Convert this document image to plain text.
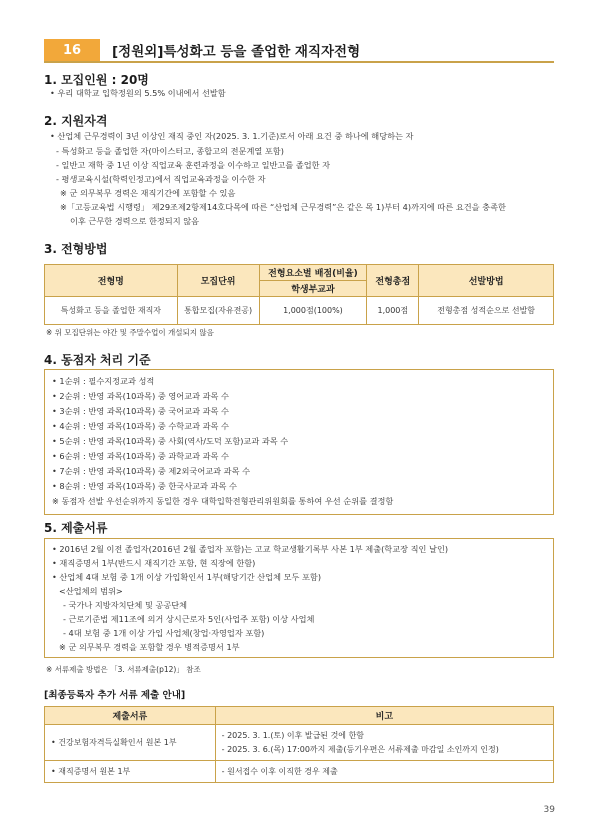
16	[정원외]특성화고 등을 졸업한 재직자전형
1. 모집인원 : 20명
• 우리 대학교 입학정원의 5.5% 이내에서 선발함
2. 지원자격
• 산업체 근무경력이 3년 이상인 재직 중인 자(2025. 3. 1.기준)로서 아래 요건 중 하나에 해당하는 자
- 특성화고 등을 졸업한 자(마이스터고, 종합고의 전문계열 포함)
- 일반고 재학 중 1년 이상 직업교육 훈련과정을 이수하고 일반고를 졸업한 자
- 평생교육시설(학력인정고)에서 직업교육과정을 이수한 자
※ 군 의무복무 경력은 재직기간에 포함할 수 있음
※「고등교육법 시행령」 제29조제2항제14호다목에 따른 “산업체 근무경력”은 같은 목 1)부터 4)까지에 따른 요건을 충족한
이후 근무한 경력으로 한정되지 않음
3. 전형방법
전형명	모집단위	전형요소별 배점(비율)	전형총점	선발방법
		학생부교과		
특성화고 등을 졸업한 재직자	통합모집(자유전공)	1,000점(100%)	1,000점	전형총점 성적순으로 선발함
※ 위 모집단위는 야간 및 주말수업이 개설되지 않음
4. 동점자 처리 기준
• 1순위 : 필수지정교과 성적
• 2순위 : 반영 과목(10과목) 중 영어교과 과목 수
• 3순위 : 반영 과목(10과목) 중 국어교과 과목 수
• 4순위 : 반영 과목(10과목) 중 수학교과 과목 수
• 5순위 : 반영 과목(10과목) 중 사회(역사/도덕 포함)교과 과목 수
• 6순위 : 반영 과목(10과목) 중 과학교과 과목 수
• 7순위 : 반영 과목(10과목) 중 제2외국어교과 과목 수
• 8순위 : 반영 과목(10과목) 중 한국사교과 과목 수
※ 동점자 선발 우선순위까지 동일한 경우 대학입학전형관리위원회를 통하여 우선 순위를 결정함
5. 제출서류
• 2016년 2월 이전 졸업자(2016년 2월 졸업자 포함)는 고교 학교생활기록부 사본 1부 제출(학교장 직인 날인)
• 재직증명서 1부(반드시 재직기간 포함, 현 직장에 한함)
• 산업체 4대 보험 중 1개 이상 가입확인서 1부(해당기간 산업체 모두 포함)
<산업체의 범위>
- 국가나 지방자치단체 및 공공단체
- 근로기준법 제11조에 의거 상시근로자 5인(사업주 포함) 이상 사업체
- 4대 보험 중 1개 이상 가입 사업체(창업·자영업자 포함)
※ 군 의무복무 경력을 포함할 경우 병적증명서 1부
※ 서류제출 방법은 「3. 서류제출(p12)」 참조
[최종등록자 추가 서류 제출 안내]
제출서류	비고
• 건강보험자격득실확인서 원본 1부	- 2025. 3. 1.(토) 이후 발급된 것에 한함
- 2025. 3. 6.(목) 17:00까지 제출(등기우편은 서류제출 마감일 소인까지 인정)

• 재직증명서 원본 1부	- 원서접수 이후 이직한 경우 제출
39
